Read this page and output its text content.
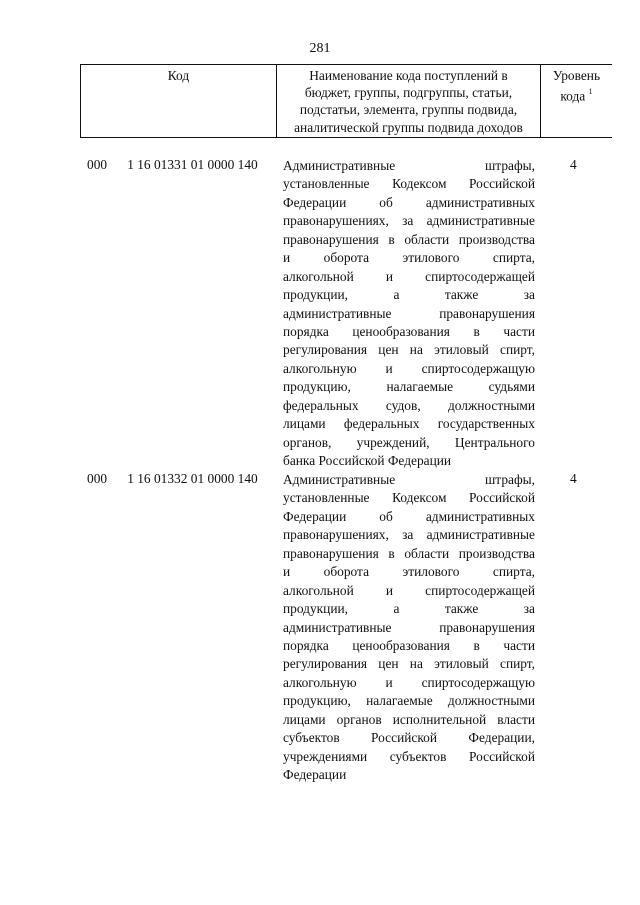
281
Код	Наименование кода поступлений в
бюджет, группы, подгруппы, статьи,
подстатьи, элемента, группы подвида,
аналитической группы подвида доходов
Уровень
кода $^1$
000 1 16 01331 01 0000 140 Административные штрафы,
установленные Кодексом Российской
Федерации об административных
правонарушениях, за административные
правонарушения в области производства
и оборота этилового спирта,
алкогольной и спиртосодержащей
продукции, а также за
административные правонарушения
порядка ценообразования в части
регулирования цен на этиловый спирт,
алкогольную и спиртосодержащую
продукцию, налагаемые судьями
федеральных судов, должностными
лицами федеральных государственных
органов, учреждений, Центрального
банка Российской Федерации
4
000 1 16 01332 01 0000 140 Административные штрафы,
установленные Кодексом Российской
Федерации об административных
правонарушениях, за административные
правонарушения в области производства
и оборота этилового спирта,
алкогольной и спиртосодержащей
продукции, а также за
административные правонарушения
порядка ценообразования в части
регулирования цен на этиловый спирт,
алкогольную и спиртосодержащую
продукцию, налагаемые должностными
лицами органов исполнительной власти
субъектов Российской Федерации,
учреждениями субъектов Российской
Федерации
4
